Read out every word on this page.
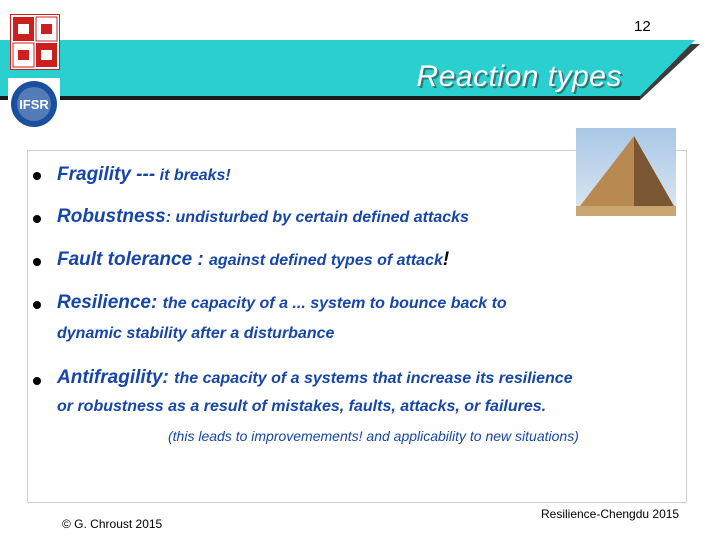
12
Reaction types
IFSR
Fragility --- it breaks!
Robustness: undisturbed by certain defined attacks
Fault tolerance : against defined types of attack!
Resilience: the capacity of a ... system to bounce back to
dynamic stability after a disturbance
Antifragility: the capacity of a systems that increase its resilience
or robustness as a result of mistakes, faults, attacks, or failures.
(this leads to improvemements! and applicability to new situations)
© G. Chroust 2015
Resilience-Chengdu 2015
